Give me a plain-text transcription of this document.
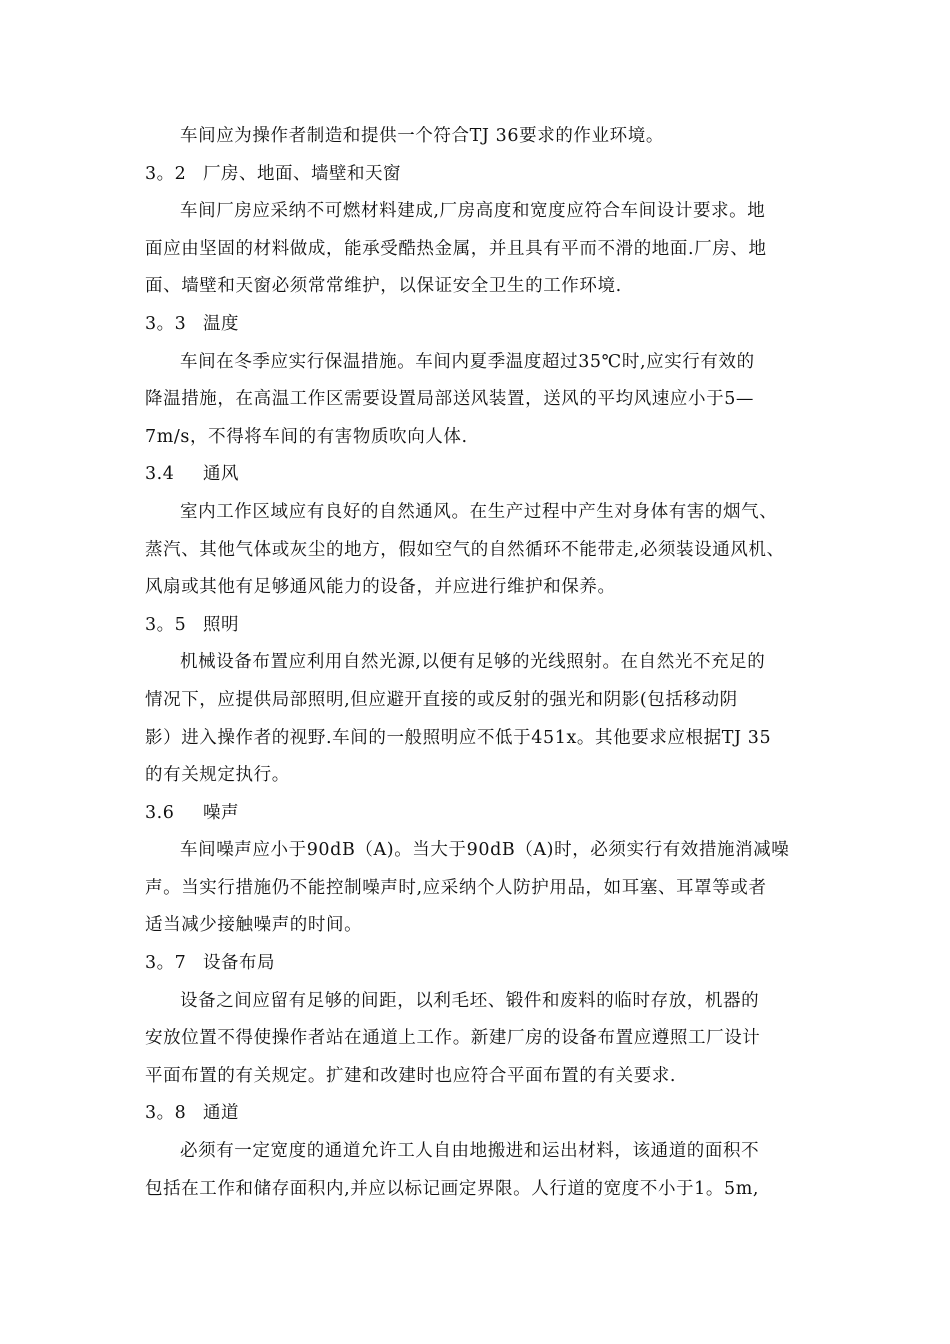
车间应为操作者制造和提供一个符合TJ 36要求的作业环境。
3。2 厂房、地面、墙壁和天窗
车间厂房应采纳不可燃材料建成,厂房高度和宽度应符合车间设计要求。地
面应由坚固的材料做成，能承受酷热金属，并且具有平而不滑的地面.厂房、地
面、墙壁和天窗必须常常维护，以保证安全卫生的工作环境.
3。3 温度
车间在冬季应实行保温措施。车间内夏季温度超过35℃时,应实行有效的
降温措施，在高温工作区需要设置局部送风装置，送风的平均风速应小于5—
7m/s，不得将车间的有害物质吹向人体.
3.4 通风
室内工作区域应有良好的自然通风。在生产过程中产生对身体有害的烟气、
蒸汽、其他气体或灰尘的地方，假如空气的自然循环不能带走,必须装设通风机、
风扇或其他有足够通风能力的设备，并应进行维护和保养。
3。5 照明
机械设备布置应利用自然光源,以便有足够的光线照射。在自然光不充足的
情况下，应提供局部照明,但应避开直接的或反射的强光和阴影(包括移动阴
影）进入操作者的视野.车间的一般照明应不低于451x。其他要求应根据TJ 35
的有关规定执行。
3.6 噪声
车间噪声应小于90dB（A)。当大于90dB（A)时，必须实行有效措施消减噪
声。当实行措施仍不能控制噪声时,应采纳个人防护用品，如耳塞、耳罩等或者
适当减少接触噪声的时间。
3。7 设备布局
设备之间应留有足够的间距，以利毛坯、锻件和废料的临时存放，机器的
安放位置不得使操作者站在通道上工作。新建厂房的设备布置应遵照工厂设计
平面布置的有关规定。扩建和改建时也应符合平面布置的有关要求.
3。8 通道
必须有一定宽度的通道允许工人自由地搬进和运出材料，该通道的面积不
包括在工作和储存面积内,并应以标记画定界限。人行道的宽度不小于1。5m,
